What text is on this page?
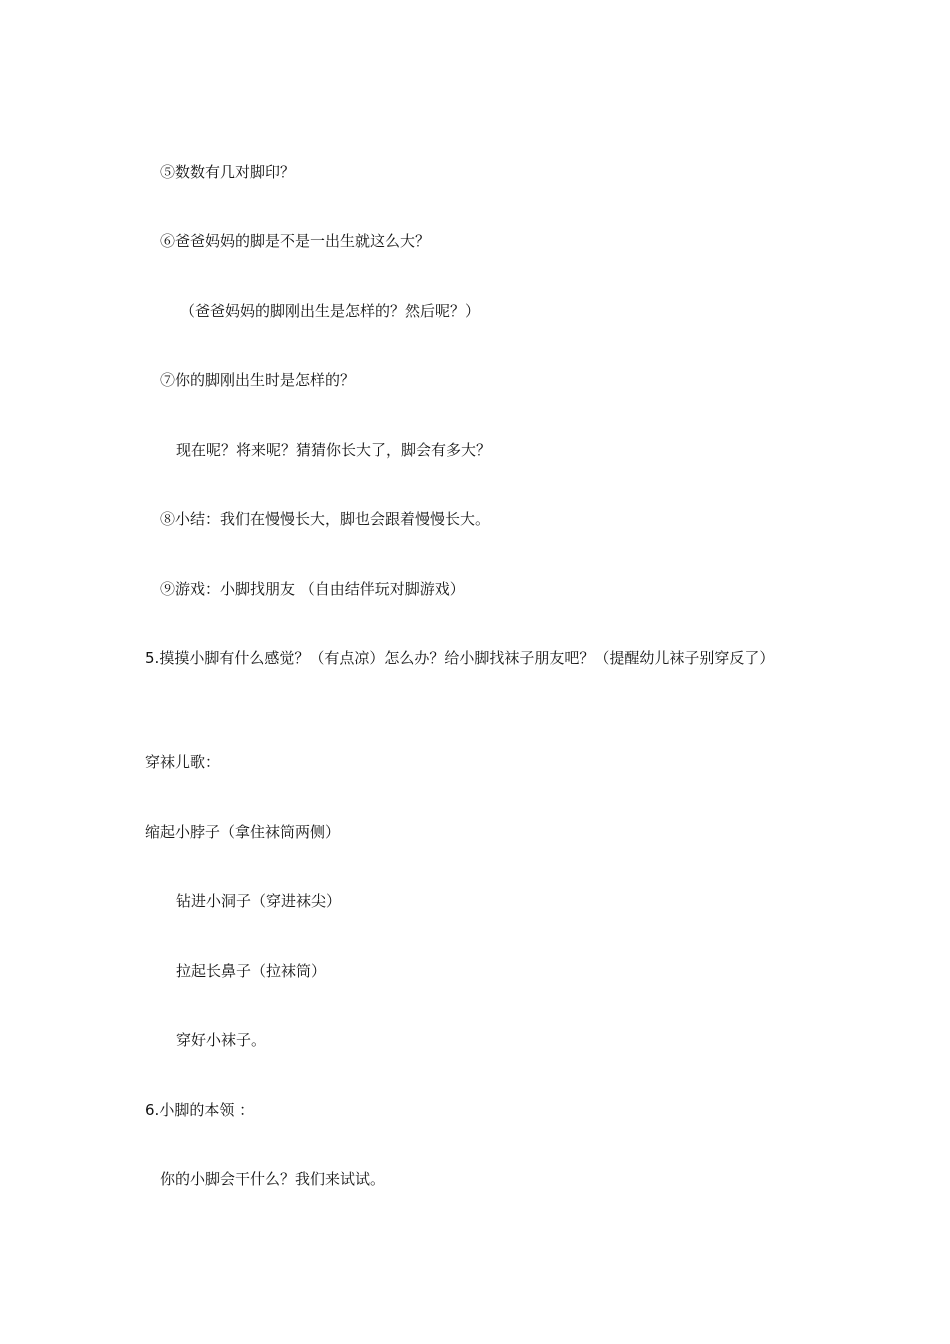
⑤数数有几对脚印？
⑥爸爸妈妈的脚是不是一出生就这么大？
（爸爸妈妈的脚刚出生是怎样的？然后呢？）
⑦你的脚刚出生时是怎样的？
现在呢？将来呢？猜猜你长大了，脚会有多大？
⑧小结：我们在慢慢长大，脚也会跟着慢慢长大。
⑨游戏：小脚找朋友 （自由结伴玩对脚游戏）
5.摸摸小脚有什么感觉？（有点凉）怎么办？给小脚找袜子朋友吧？（提醒幼儿袜子别穿反了）
穿袜儿歌：
缩起小脖子（拿住袜筒两侧）
钻进小洞子（穿进袜尖）
拉起长鼻子（拉袜筒）
穿好小袜子。
6.小脚的本领 ：
你的小脚会干什么？我们来试试。
